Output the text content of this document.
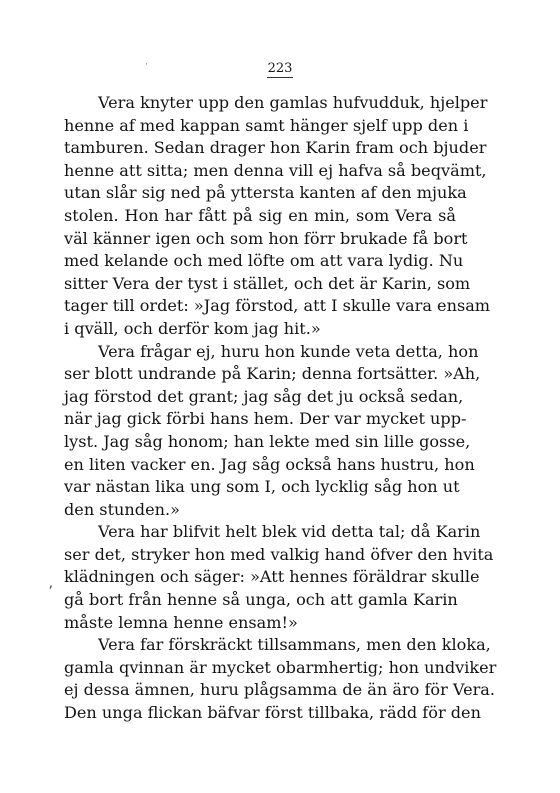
·	223
Vera knyter upp den gamlas hufvudduk, hjelper
henne af med kappan samt hänger sjelf upp den i
tamburen. Sedan drager hon Karin fram och bjuder
henne att sitta; men denna vill ej hafva så beqvämt,
utan slår sig ned på yttersta kanten af den mjuka
stolen. Hon har fått på sig en min, som Vera så
väl känner igen och som hon förr brukade få bort
med kelande och med löfte om att vara lydig. Nu
sitter Vera der tyst i stället, och det är Karin, som
tager till ordet: »Jag förstod, att I skulle vara ensam
i qväll, och derför kom jag hit.»
Vera frågar ej, huru hon kunde veta detta, hon
ser blott undrande på Karin; denna fortsätter. »Ah,
jag förstod det grant; jag såg det ju också sedan,
när jag gick förbi hans hem. Der var mycket upp-
lyst. Jag såg honom; han lekte med sin lille gosse,
en liten vacker en. Jag såg också hans hustru, hon
var nästan lika ung som I, och lycklig såg hon ut
den stunden.»
Vera har blifvit helt blek vid detta tal; då Karin
ser det, stryker hon med valkig hand öfver den hvita
klädningen och säger: »Att hennes föräldrar skulle
gå bort från henne så unga, och att gamla Karin
måste lemna henne ensam!»
Vera far förskräckt tillsammans, men den kloka,
gamla qvinnan är mycket obarmhertig; hon undviker
ej dessa ämnen, huru plågsamma de än äro för Vera.
Den unga flickan bäfvar först tillbaka, rädd för den
ʼ
